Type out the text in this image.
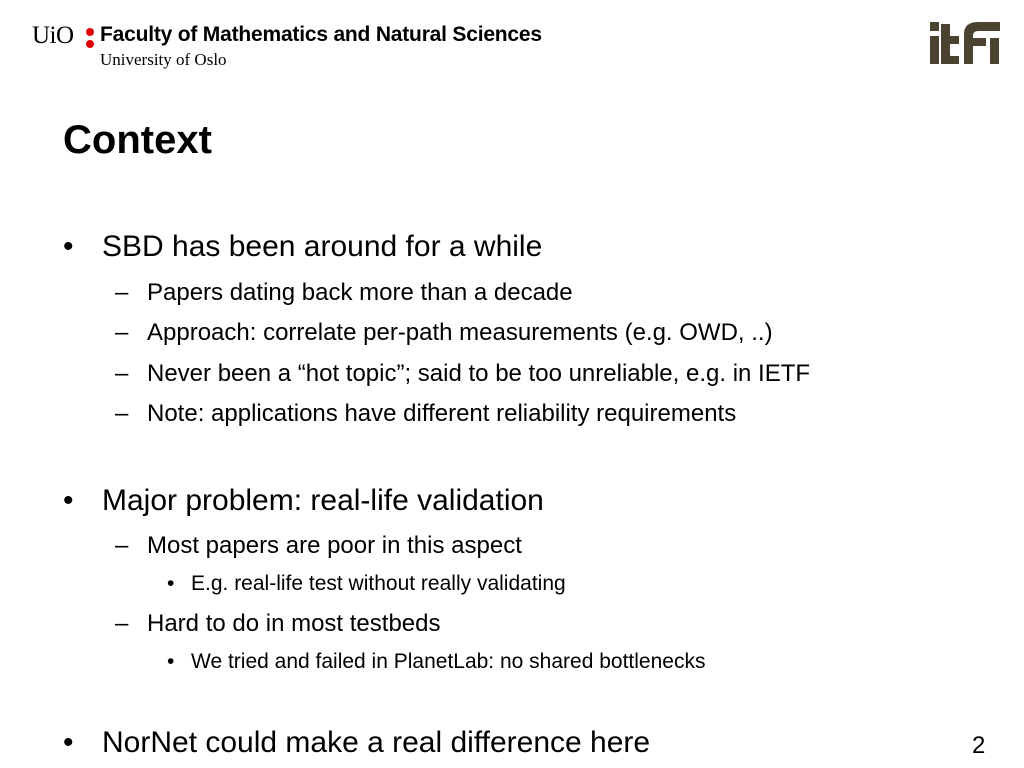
UiO Faculty of Mathematics and Natural Sciences
University of Oslo
Context
• SBD has been around for a while
– Papers dating back more than a decade
– Approach: correlate per-path measurements (e.g. OWD, ..)
– Never been a “hot topic”; said to be too unreliable, e.g. in IETF
– Note: applications have different reliability requirements
• Major problem: real-life validation
– Most papers are poor in this aspect
• E.g. real-life test without really validating
– Hard to do in most testbeds
• We tried and failed in PlanetLab: no shared bottlenecks
• NorNet could make a real difference here	2
